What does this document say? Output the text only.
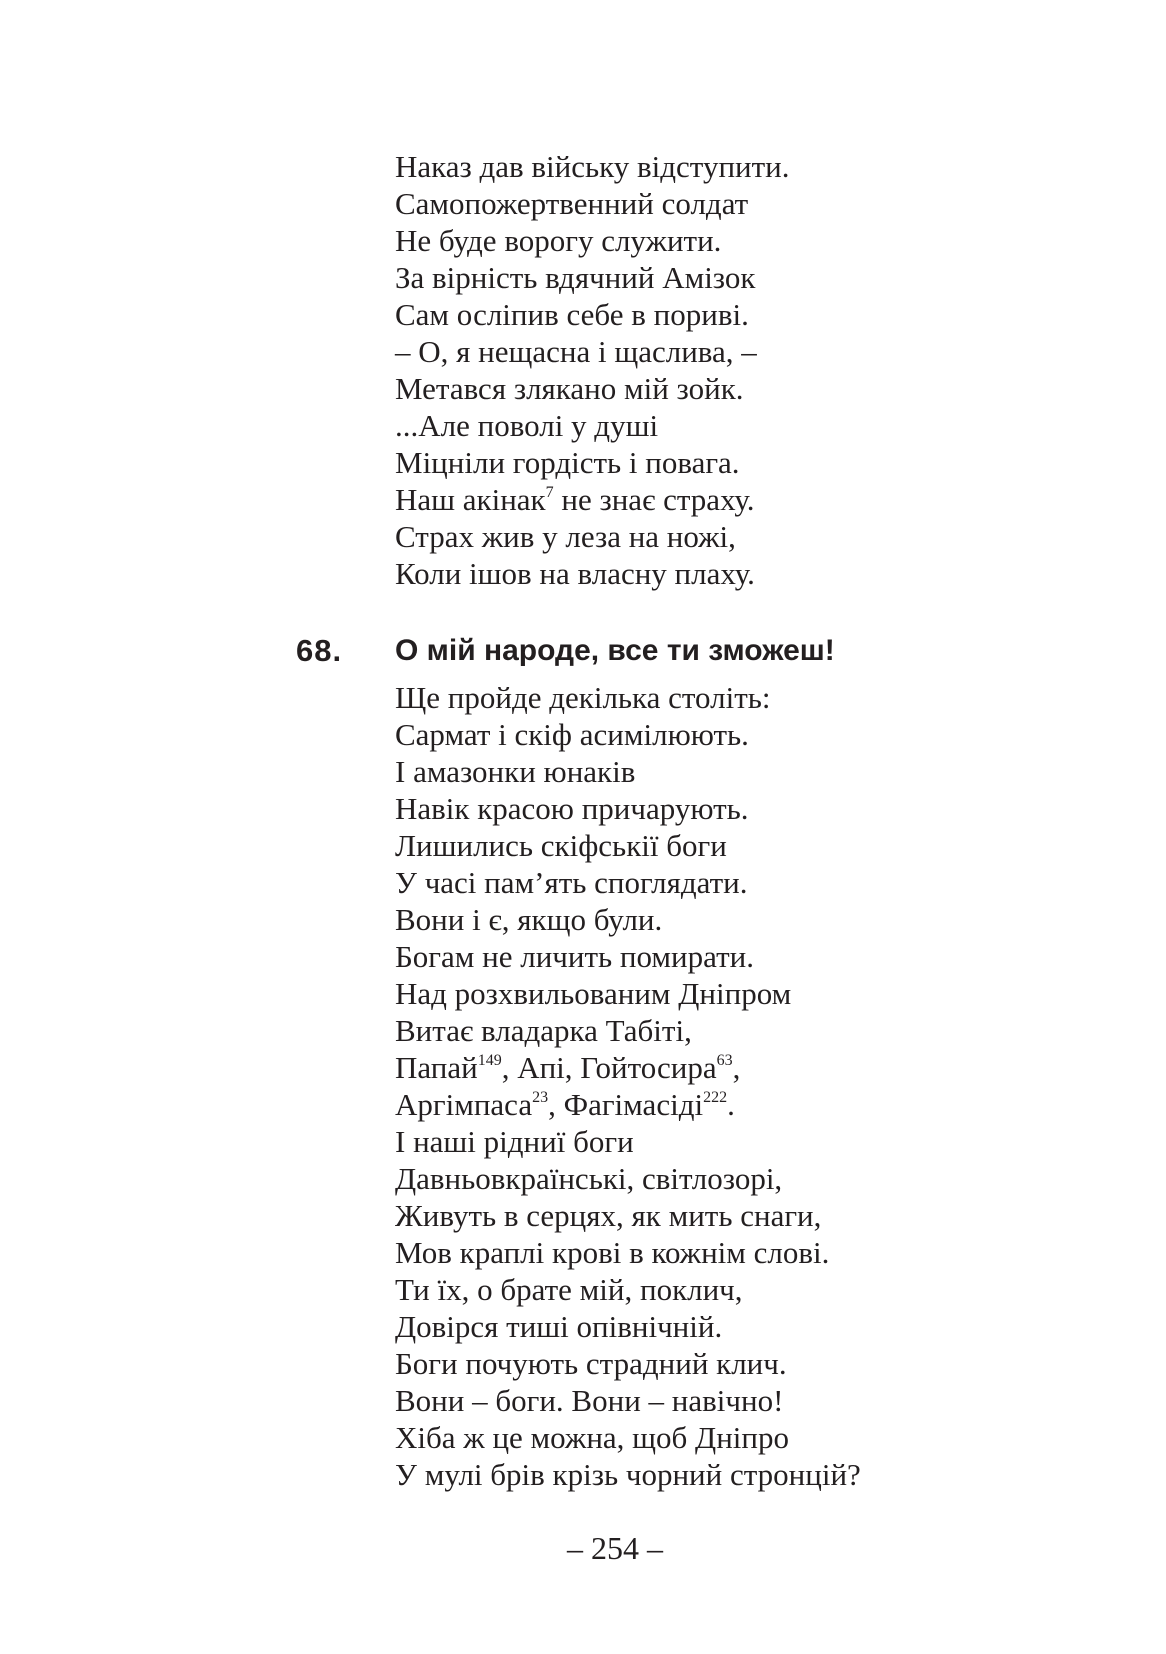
Наказ дав війську відступити.
Самопожертвенний солдат
Не буде ворогу служити.
За вірність вдячний Амізок
Сам осліпив себе в пориві.
– О, я нещасна і щаслива, –
Метався злякано мій зойк.
...Але поволі у душі
Міцніли гордість і повага.
Наш акінак$^7$ не знає страху.
Страх жив у леза на ножі,
Коли ішов на власну плаху.
68. О мій народе, все ти зможеш!
Ще пройде декілька століть:
Сармат і скіф асимілюють.
І амазонки юнаків
Навік красою причарують.
Лишились скіфськії боги
У часі пам’ять споглядати.
Вони і є, якщо були.
Богам не личить помирати.
Над розхвильованим Дніпром
Витає владарка Табіті,
Папай$^{149}$, Апі, Гойтосира$^{63}$,
Аргімпаса$^{23}$, Фагімасіді$^{222}$.
І наші рідниї боги
Давньовкраїнські, світлозорі,
Живуть в серцях, як мить снаги,
Мов краплі крові в кожнім слові.
Ти їх, о брате мій, поклич,
Довірся тиші опівнічній.
Боги почують страдний клич.
Вони – боги. Вони – навічно!
Хіба ж це можна, щоб Дніпро
У мулі брів крізь чорний стронцій?
– 254 –
